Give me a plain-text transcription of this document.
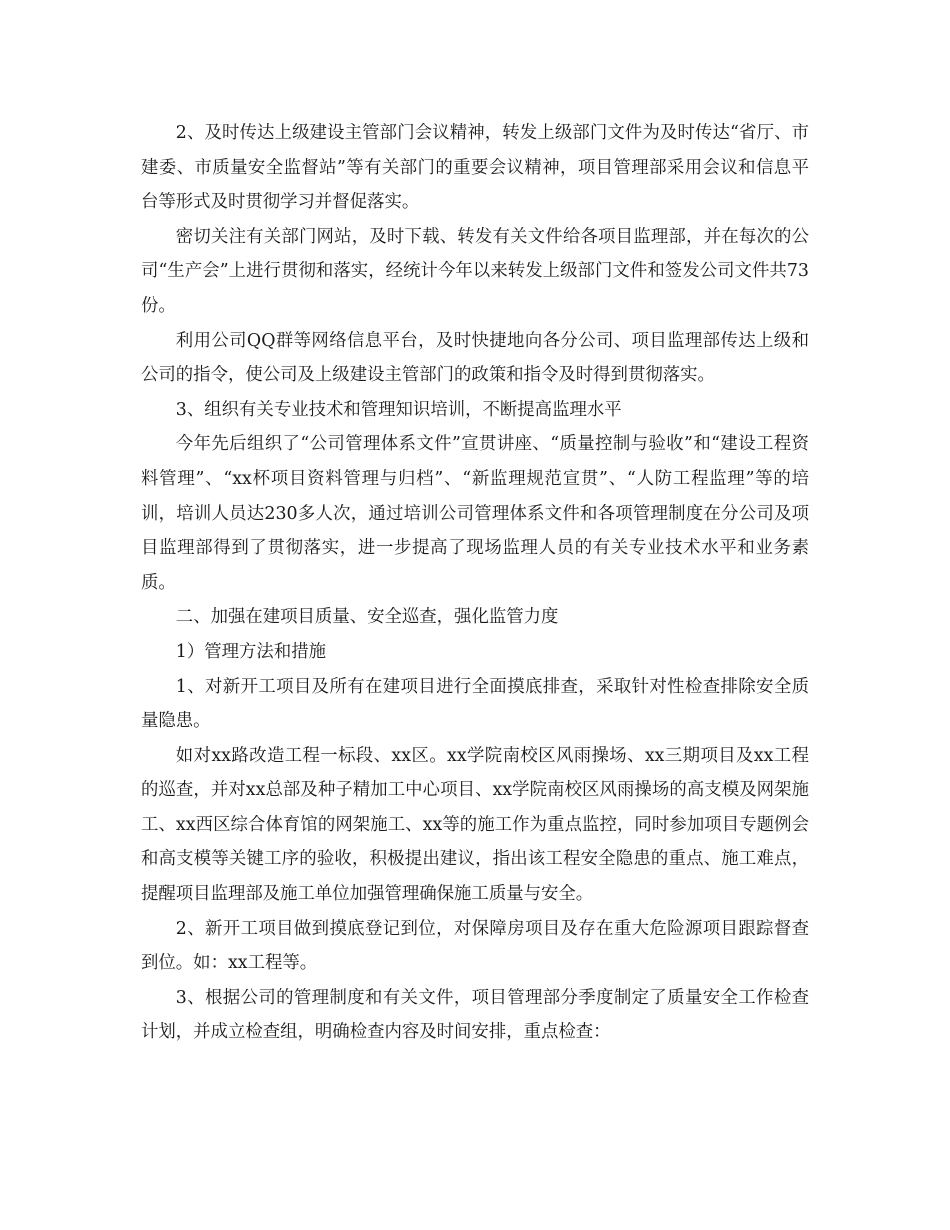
2、及时传达上级建设主管部门会议精神，转发上级部门文件为及时传达“省厅、市建委、市质量安全监督站”等有关部门的重要会议精神，项目管理部采用会议和信息平台等形式及时贯彻学习并督促落实。

密切关注有关部门网站，及时下载、转发有关文件给各项目监理部，并在每次的公司“生产会”上进行贯彻和落实，经统计今年以来转发上级部门文件和签发公司文件共73份。

利用公司QQ群等网络信息平台，及时快捷地向各分公司、项目监理部传达上级和公司的指令，使公司及上级建设主管部门的政策和指令及时得到贯彻落实。

3、组织有关专业技术和管理知识培训，不断提高监理水平

今年先后组织了“公司管理体系文件”宣贯讲座、“质量控制与验收”和“建设工程资料管理”、“xx杯项目资料管理与归档”、“新监理规范宣贯”、“人防工程监理”等的培训，培训人员达230多人次，通过培训公司管理体系文件和各项管理制度在分公司及项目监理部得到了贯彻落实，进一步提高了现场监理人员的有关专业技术水平和业务素质。

二、加强在建项目质量、安全巡查，强化监管力度

1）管理方法和措施

1、对新开工项目及所有在建项目进行全面摸底排查，采取针对性检查排除安全质量隐患。

如对xx路改造工程一标段、xx区。xx学院南校区风雨操场、xx三期项目及xx工程的巡查，并对xx总部及种子精加工中心项目、xx学院南校区风雨操场的高支模及网架施工、xx西区综合体育馆的网架施工、xx等的施工作为重点监控，同时参加项目专题例会和高支模等关键工序的验收，积极提出建议，指出该工程安全隐患的重点、施工难点，提醒项目监理部及施工单位加强管理确保施工质量与安全。

2、新开工项目做到摸底登记到位，对保障房项目及存在重大危险源项目跟踪督查到位。如：xx工程等。

3、根据公司的管理制度和有关文件，项目管理部分季度制定了质量安全工作检查计划，并成立检查组，明确检查内容及时间安排，重点检查：
